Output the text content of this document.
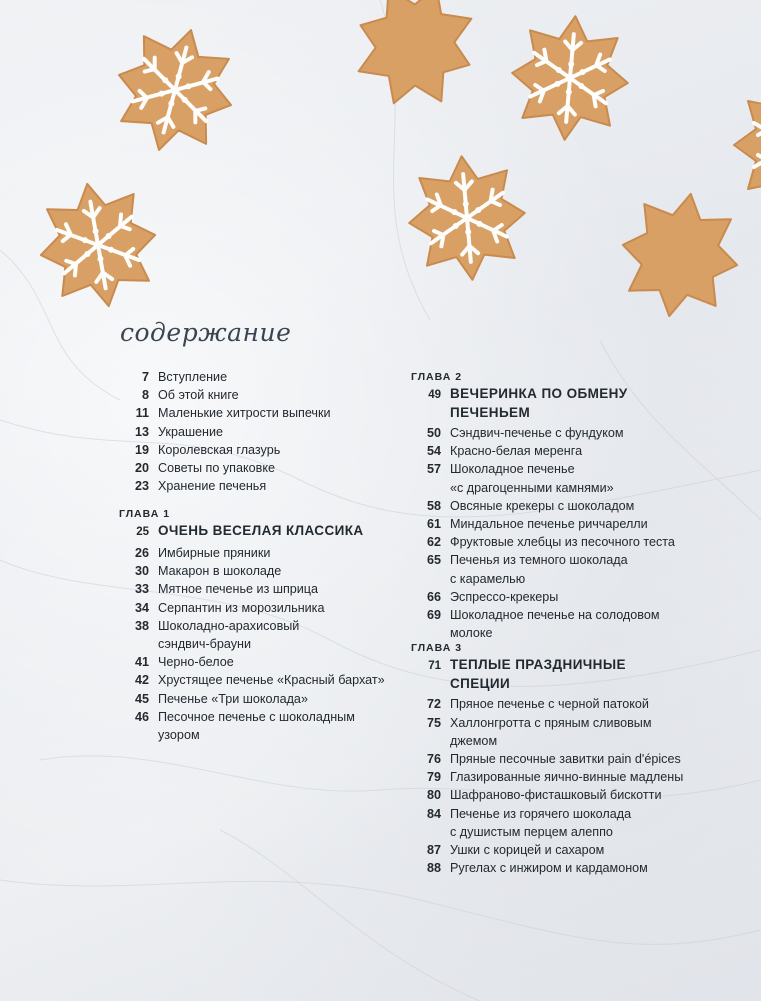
содержание
7 Вступление
8 Об этой книге
11 Маленькие хитрости выпечки
13 Украшение
19 Королевская глазурь
20 Советы по упаковке
23 Хранение печенья
ГЛАВА 1
25 ОЧЕНЬ ВЕСЕЛАЯ КЛАССИКА
26 Имбирные пряники
30 Макарон в шоколаде
33 Мятное печенье из шприца
34 Серпантин из морозильника
38 Шоколадно-арахисовый
сэндвич-брауни
41 Черно-белое
42 Хрустящее печенье «Красный бархат»
45 Печенье «Три шоколада»
46 Песочное печенье с шоколадным
узором
ГЛАВА 2
49 ВЕЧЕРИНКА ПО ОБМЕНУ
ПЕЧЕНЬЕМ
50 Сэндвич-печенье с фундуком
54 Красно-белая меренга
57 Шоколадное печенье
«с драгоценными камнями»
58 Овсяные крекеры с шоколадом
61 Миндальное печенье риччарелли
62 Фруктовые хлебцы из песочного теста
65 Печенья из темного шоколада
с карамелью
66 Эспрессо-крекеры
69 Шоколадное печенье на солодовом
молоке
ГЛАВА 3
71 ТЕПЛЫЕ ПРАЗДНИЧНЫЕ
СПЕЦИИ
72 Пряное печенье с черной патокой
75 Халлонгротта с пряным сливовым
джемом
76 Пряные песочные завитки pain d'épices
79 Глазированные яично-винные мадлены
80 Шафраново-фисташковый бискотти
84 Печенье из горячего шоколада
с душистым перцем алеппо
87 Ушки с корицей и сахаром
88 Ругелах с инжиром и кардамоном
